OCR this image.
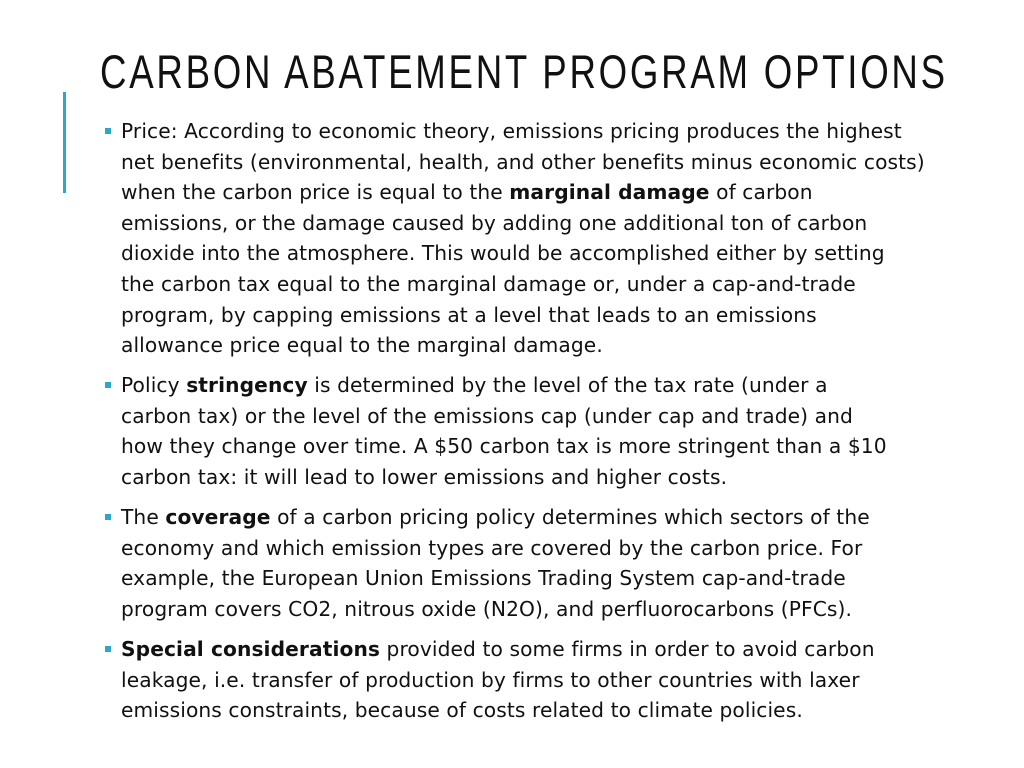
CARBON ABATEMENT PROGRAM OPTIONS
Price: According to economic theory, emissions pricing produces the highest
net benefits (environmental, health, and other benefits minus economic costs)
when the carbon price is equal to the marginal damage of carbon
emissions, or the damage caused by adding one additional ton of carbon
dioxide into the atmosphere. This would be accomplished either by setting
the carbon tax equal to the marginal damage or, under a cap-and-trade
program, by capping emissions at a level that leads to an emissions
allowance price equal to the marginal damage.
Policy stringency is determined by the level of the tax rate (under a
carbon tax) or the level of the emissions cap (under cap and trade) and
how they change over time. A $50 carbon tax is more stringent than a $10
carbon tax: it will lead to lower emissions and higher costs.
The coverage of a carbon pricing policy determines which sectors of the
economy and which emission types are covered by the carbon price. For
example, the European Union Emissions Trading System cap-and-trade
program covers CO2, nitrous oxide (N2O), and perfluorocarbons (PFCs).
Special considerations provided to some firms in order to avoid carbon
leakage, i.e. transfer of production by firms to other countries with laxer
emissions constraints, because of costs related to climate policies.
